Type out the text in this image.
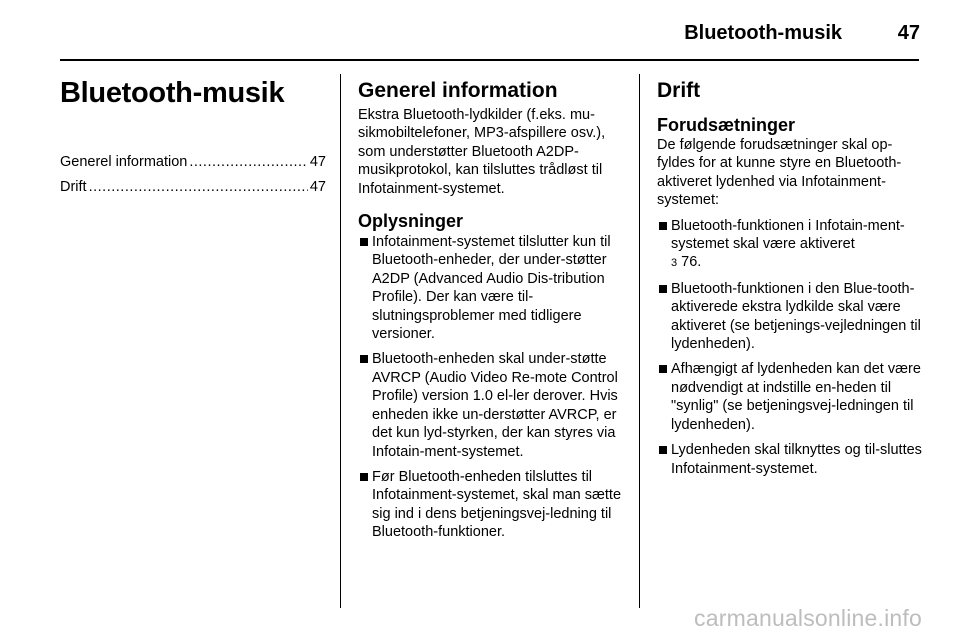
Bluetooth-musik	47
Bluetooth-musik
Generel information .....	47
Drift .....	47
Generel information

Ekstra Bluetooth-lydkilder (f.eks. mu-sikmobiltelefoner, MP3-afspillere osv.), som understøtter Bluetooth A2DP-musikprotokol, kan tilsluttes trådløst til Infotainment-systemet.

Oplysninger
Infotainment-systemet tilslutter kun til Bluetooth-enheder, der under-støtter A2DP (Advanced Audio Dis-tribution Profile). Der kan være til-slutningsproblemer med tidligere versioner.
Bluetooth-enheden skal under-støtte AVRCP (Audio Video Re-mote Control Profile) version 1.0 el-ler derover. Hvis enheden ikke un-derstøtter AVRCP, er det kun lyd-styrken, der kan styres via Infotain-ment-systemet.
Før Bluetooth-enheden tilsluttes til Infotainment-systemet, skal man sætte sig ind i dens betjeningsvej-ledning til Bluetooth-funktioner.
Drift
Forudsætninger

De følgende forudsætninger skal op-fyldes for at kunne styre en Bluetooth-aktiveret lydenhed via Infotainment-systemet:

Bluetooth-funktionen i Infotain-ment-systemet skal være aktiveret
3 76.
Bluetooth-funktionen i den Blue-tooth-aktiverede ekstra lydkilde skal være aktiveret (se betjenings-vejledningen til lydenheden).
Afhængigt af lydenheden kan det være nødvendigt at indstille en-heden til "synlig" (se betjeningsvej-ledningen til lydenheden).
Lydenheden skal tilknyttes og til-sluttes Infotainment-systemet.
carmanualsonline.info
